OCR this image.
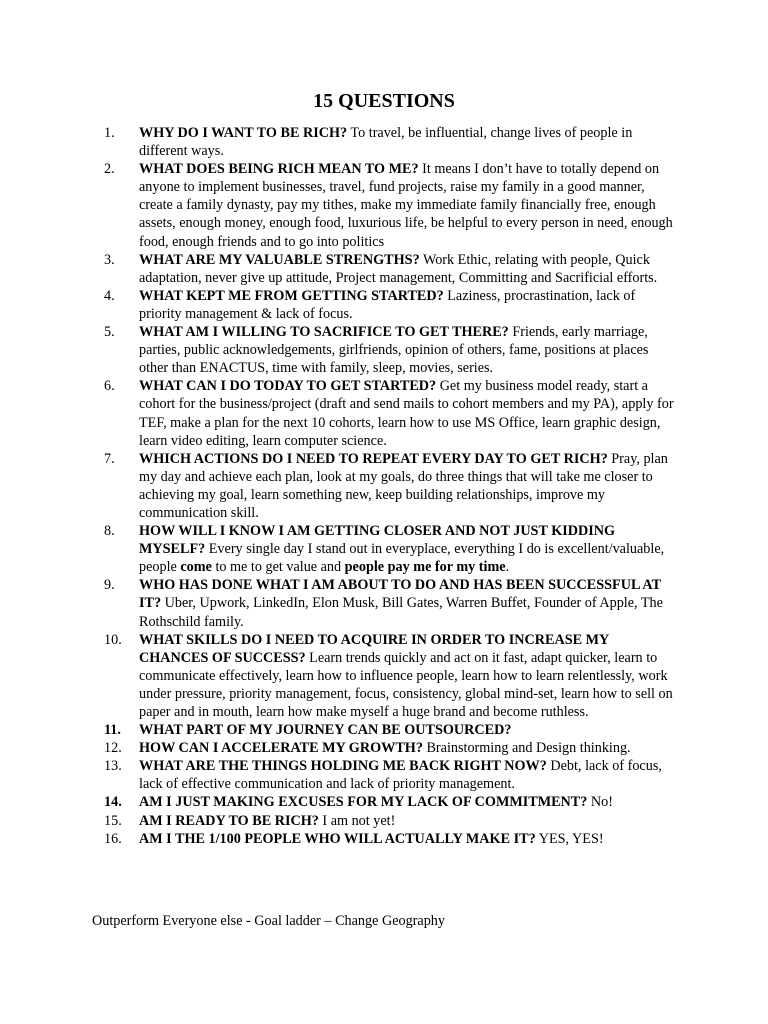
15 QUESTIONS
1.	WHY DO I WANT TO BE RICH? To travel, be influential, change lives of people in different ways.
2.	WHAT DOES BEING RICH MEAN TO ME? It means I don’t have to totally depend on anyone to implement businesses, travel, fund projects, raise my family in a good manner, create a family dynasty, pay my tithes, make my immediate family financially free, enough assets, enough money, enough food, luxurious life, be helpful to every person in need, enough food, enough friends and to go into politics
3.	WHAT ARE MY VALUABLE STRENGTHS? Work Ethic, relating with people, Quick adaptation, never give up attitude, Project management, Committing and Sacrificial efforts.
4.	WHAT KEPT ME FROM GETTING STARTED? Laziness, procrastination, lack of priority management & lack of focus.
5.	WHAT AM I WILLING TO SACRIFICE TO GET THERE? Friends, early marriage, parties, public acknowledgements, girlfriends, opinion of others, fame, positions at places other than ENACTUS, time with family, sleep, movies, series.
6.	WHAT CAN I DO TODAY TO GET STARTED? Get my business model ready, start a cohort for the business/project (draft and send mails to cohort members and my PA), apply for TEF, make a plan for the next 10 cohorts, learn how to use MS Office, learn graphic design, learn video editing, learn computer science.
7.	WHICH ACTIONS DO I NEED TO REPEAT EVERY DAY TO GET RICH? Pray, plan my day and achieve each plan, look at my goals, do three things that will take me closer to achieving my goal, learn something new, keep building relationships, improve my communication skill.
8.	HOW WILL I KNOW I AM GETTING CLOSER AND NOT JUST KIDDING MYSELF? Every single day I stand out in everyplace, everything I do is excellent/valuable, people come to me to get value and people pay me for my time.
9.	WHO HAS DONE WHAT I AM ABOUT TO DO AND HAS BEEN SUCCESSFUL AT IT? Uber, Upwork, LinkedIn, Elon Musk, Bill Gates, Warren Buffet, Founder of Apple, The Rothschild family.
10.	WHAT SKILLS DO I NEED TO ACQUIRE IN ORDER TO INCREASE MY CHANCES OF SUCCESS? Learn trends quickly and act on it fast, adapt quicker, learn to communicate effectively, learn how to influence people, learn how to learn relentlessly, work under pressure, priority management, focus, consistency, global mind-set, learn how to sell on paper and in mouth, learn how make myself a huge brand and become ruthless.
11.	WHAT PART OF MY JOURNEY CAN BE OUTSOURCED?
12.	HOW CAN I ACCELERATE MY GROWTH? Brainstorming and Design thinking.
13.	WHAT ARE THE THINGS HOLDING ME BACK RIGHT NOW? Debt, lack of focus, lack of effective communication and lack of priority management.
14.	AM I JUST MAKING EXCUSES FOR MY LACK OF COMMITMENT? No!
15.	AM I READY TO BE RICH? I am not yet!
16.	AM I THE 1/100 PEOPLE WHO WILL ACTUALLY MAKE IT? YES, YES!
Outperform Everyone else - Goal ladder – Change Geography
